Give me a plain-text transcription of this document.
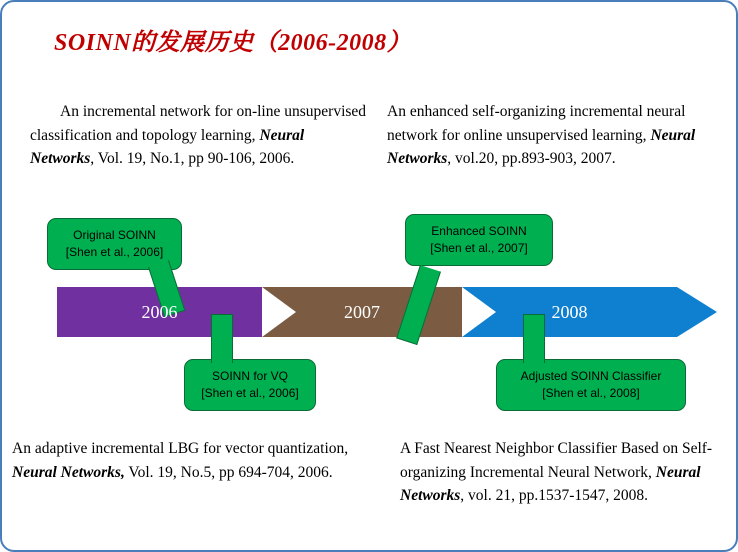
SOINN的发展历史（2006-2008）
An incremental network for on-line unsupervised classification and topology learning, Neural Networks, Vol. 19, No.1, pp 90-106, 2006.
An enhanced self-organizing incremental neural network for online unsupervised learning, Neural Networks, vol.20, pp.893-903, 2007.
An adaptive incremental LBG for vector quantization, Neural Networks, Vol. 19, No.5, pp 694-704, 2006.
A Fast Nearest Neighbor Classifier Based on Self-organizing Incremental Neural Network, Neural Networks, vol. 21, pp.1537-1547, 2008.
2006	2007	2008
Original SOINN
[Shen et al., 2006]
Enhanced SOINN
[Shen et al., 2007]
SOINN for VQ
[Shen et al., 2006]
Adjusted SOINN Classifier
[Shen et al., 2008]
